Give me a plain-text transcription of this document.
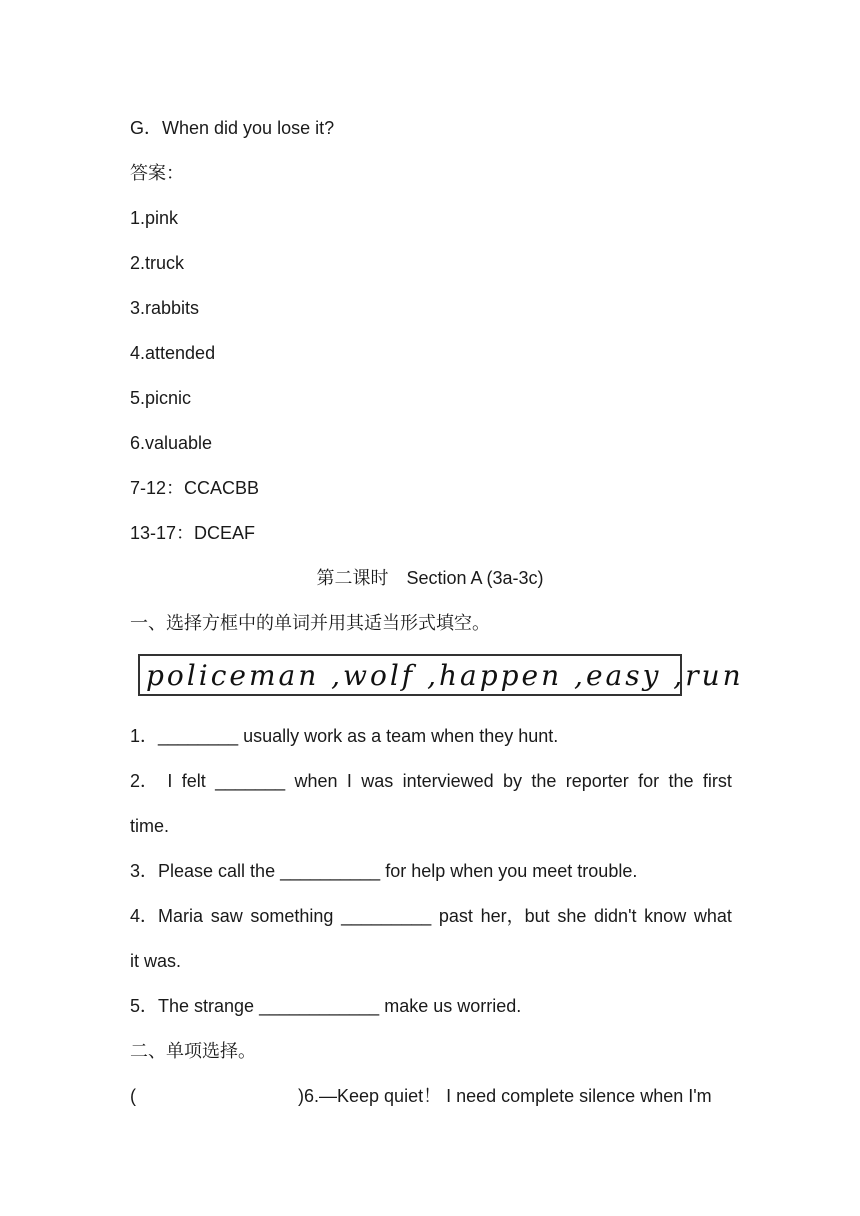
G．When did you lose it?
答案：
1.pink
2.truck
3.rabbits
4.attended
5.picnic
6.valuable
7-12：CCACBB
13-17：DCEAF
第二课时　Section A (3a-3c)
一、选择方框中的单词并用其适当形式填空。
policeman ,wolf ,happen ,easy ,run
1．________ usually work as a team when they hunt.
2． I felt _______ when I was interviewed by the reporter for the first
time.
3．Please call the __________ for help when you meet trouble.
4．Maria saw something _________ past her，but she didn't know what
it was.
5．The strange ____________ make us worried.
二、单项选择。
(	)6.—Keep quiet！ I need complete silence when I'm
